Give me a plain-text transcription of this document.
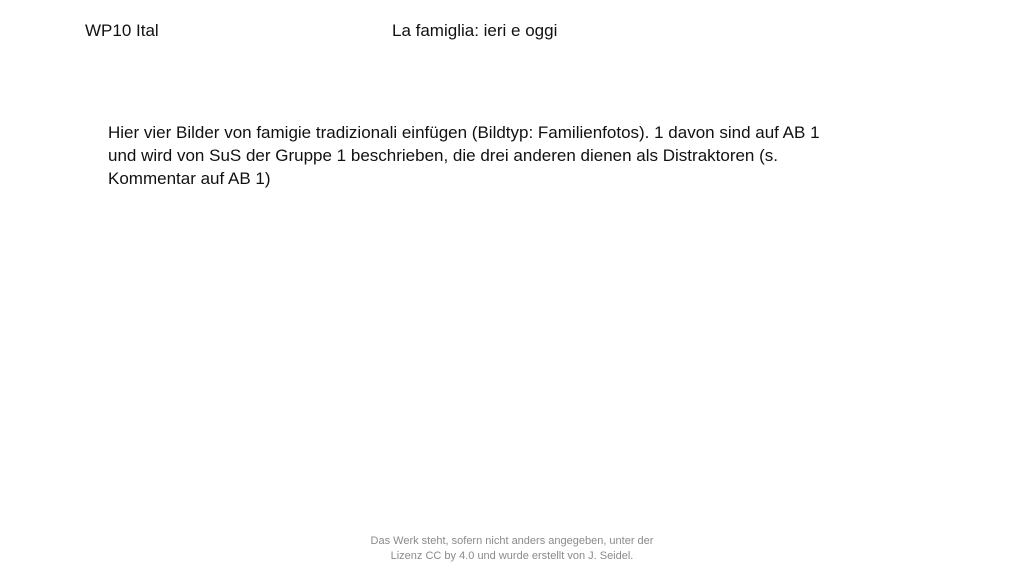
WP10 Ital	La famiglia: ieri e oggi
Hier vier Bilder von famigie tradizionali einfügen (Bildtyp: Familienfotos). 1 davon sind auf AB 1
und wird von SuS der Gruppe 1 beschrieben, die drei anderen dienen als Distraktoren (s.
Kommentar auf AB 1)
Das Werk steht, sofern nicht anders angegeben, unter der
Lizenz CC by 4.0 und wurde erstellt von J. Seidel.
